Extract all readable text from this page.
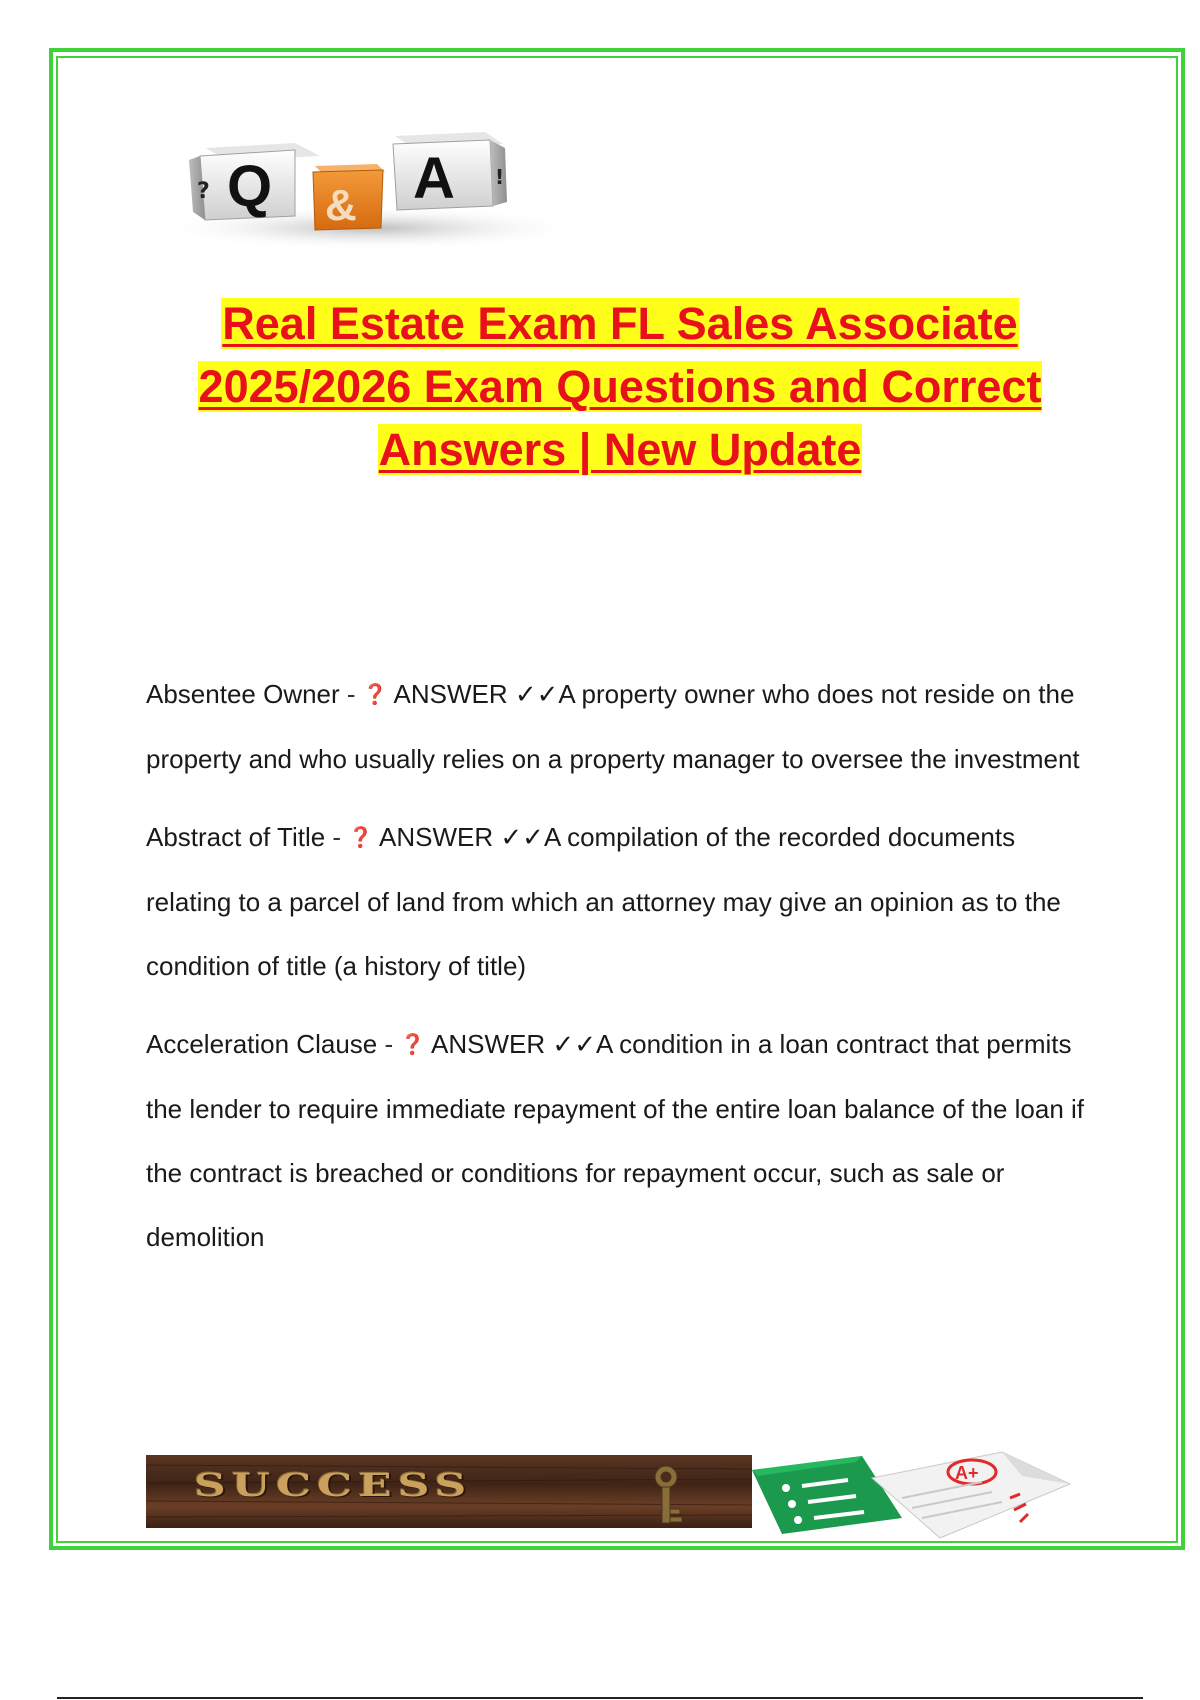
? Q & A !
Real Estate Exam FL Sales Associate
2025/2026 Exam Questions and Correct
Answers | New Update
Absentee Owner - ❓ ANSWER ✓✓A property owner who does not reside on the property and who usually relies on a property manager to oversee the investment
Abstract of Title - ❓ ANSWER ✓✓A compilation of the recorded documents relating to a parcel of land from which an attorney may give an opinion as to the condition of title (a history of title)
Acceleration Clause - ❓ ANSWER ✓✓A condition in a loan contract that permits the lender to require immediate repayment of the entire loan balance of the loan if the contract is breached or conditions for repayment occur, such as sale or demolition
SUCCESS	A+
